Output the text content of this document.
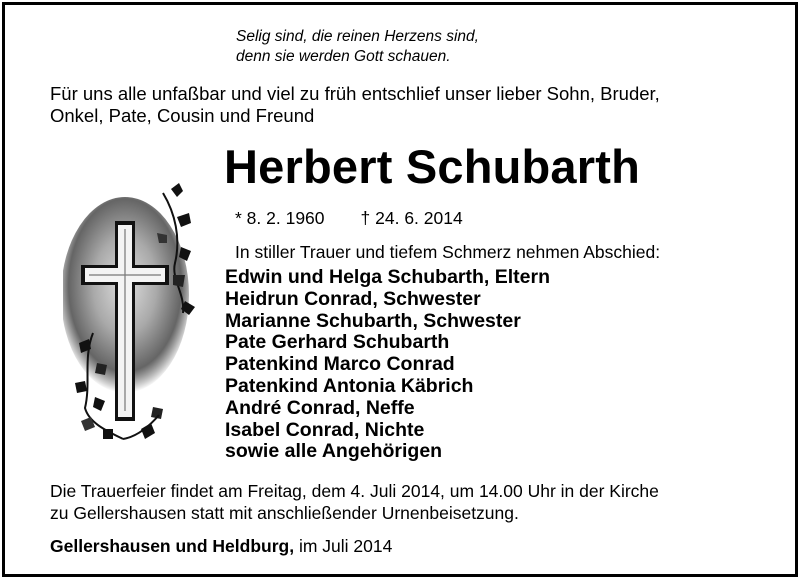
Selig sind, die reinen Herzens sind,
denn sie werden Gott schauen.
Für uns alle unfaßbar und viel zu früh entschlief unser lieber Sohn, Bruder,
Onkel, Pate, Cousin und Freund
Herbert Schubarth
* 8. 2. 1960 † 24. 6. 2014
In stiller Trauer und tiefem Schmerz nehmen Abschied:
Edwin und Helga Schubarth, Eltern
Heidrun Conrad, Schwester
Marianne Schubarth, Schwester
Pate Gerhard Schubarth
Patenkind Marco Conrad
Patenkind Antonia Käbrich
André Conrad, Neffe
Isabel Conrad, Nichte
sowie alle Angehörigen
Die Trauerfeier findet am Freitag, dem 4. Juli 2014, um 14.00 Uhr in der Kirche
zu Gellershausen statt mit anschließender Urnenbeisetzung.
Gellershausen und Heldburg, im Juli 2014
